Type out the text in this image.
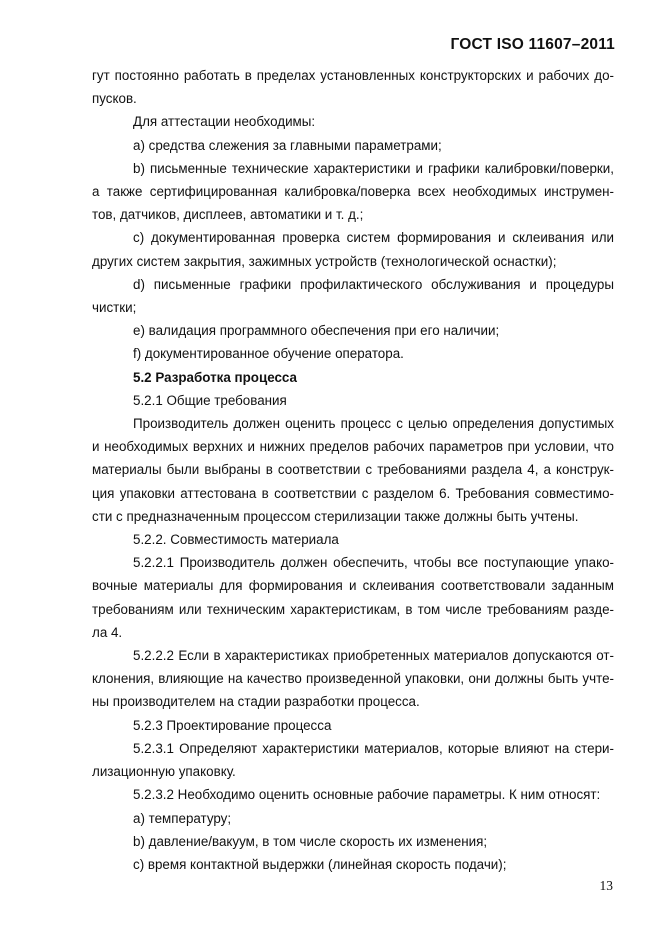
ГОСТ ISO 11607–2011

гут постоянно работать в пределах установленных конструкторских и рабочих до-пусков.

Для аттестации необходимы:

a) средства слежения за главными параметрами;

b) письменные технические характеристики и графики калибровки/поверки, а также сертифицированная калибровка/поверка всех необходимых инструмен-тов, датчиков, дисплеев, автоматики и т. д.;

c) документированная проверка систем формирования и склеивания или других систем закрытия, зажимных устройств (технологической оснастки);

d) письменные графики профилактического обслуживания и процедуры чистки;

e) валидация программного обеспечения при его наличии;

f) документированное обучение оператора.

5.2 Разработка процесса

5.2.1 Общие требования

Производитель должен оценить процесс с целью определения допустимых и необходимых верхних и нижних пределов рабочих параметров при условии, что материалы были выбраны в соответствии с требованиями раздела 4, а конструк-ция упаковки аттестована в соответствии с разделом 6. Требования совместимо-сти с предназначенным процессом стерилизации также должны быть учтены.

5.2.2. Совместимость материала

5.2.2.1 Производитель должен обеспечить, чтобы все поступающие упако-вочные материалы для формирования и склеивания соответствовали заданным требованиям или техническим характеристикам, в том числе требованиям разде-ла 4.

5.2.2.2 Если в характеристиках приобретенных материалов допускаются от-клонения, влияющие на качество произведенной упаковки, они должны быть учте-ны производителем на стадии разработки процесса.

5.2.3 Проектирование процесса

5.2.3.1 Определяют характеристики материалов, которые влияют на стери-лизационную упаковку.

5.2.3.2 Необходимо оценить основные рабочие параметры. К ним относят:

a) температуру;

b) давление/вакуум, в том числе скорость их изменения;

c) время контактной выдержки (линейная скорость подачи);

13
